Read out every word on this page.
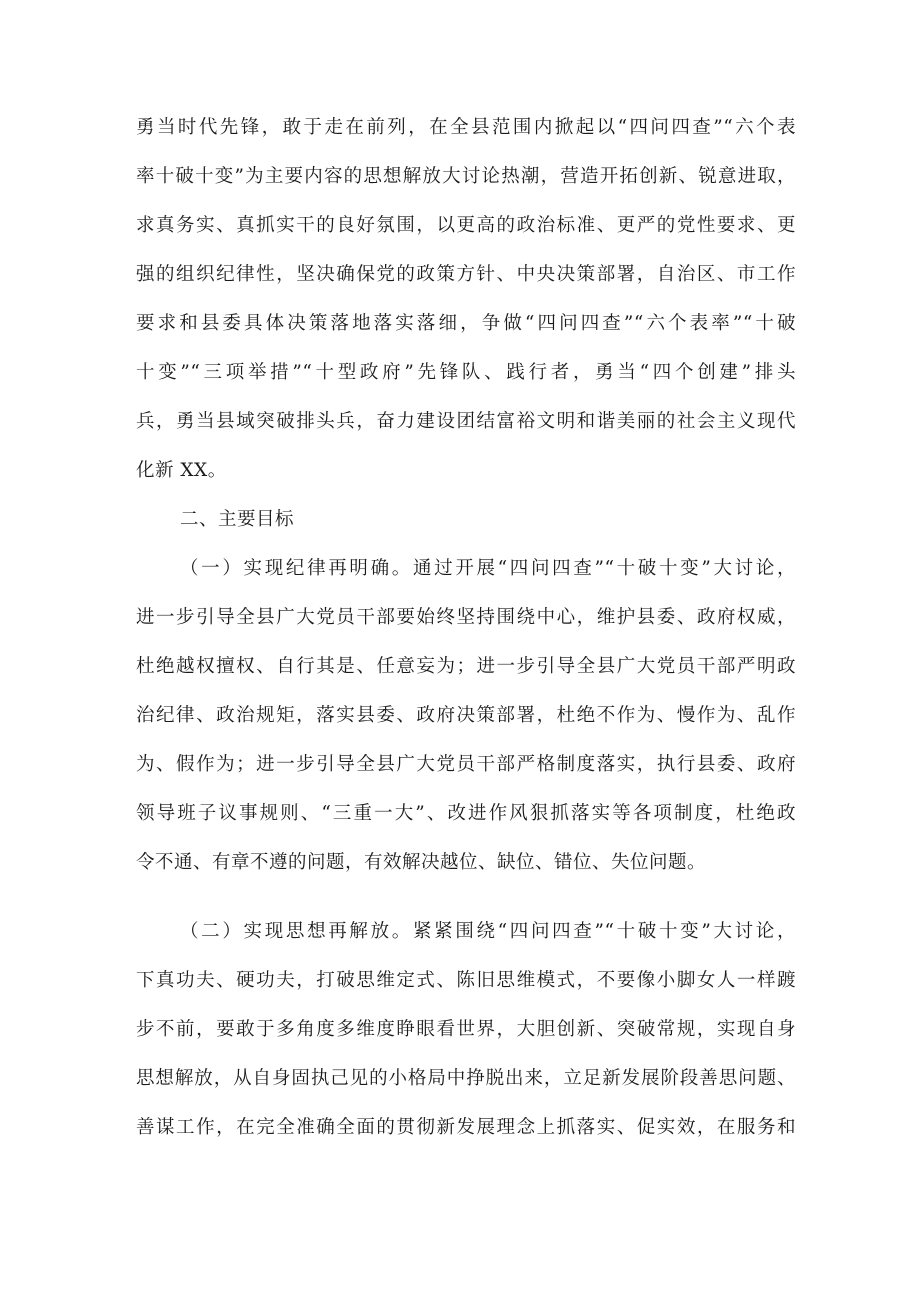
勇当时代先锋，敢于走在前列，在全县范围内掀起以“四问四查”“六个表
率十破十变”为主要内容的思想解放大讨论热潮，营造开拓创新、锐意进取，
求真务实、真抓实干的良好氛围，以更高的政治标准、更严的党性要求、更
强的组织纪律性，坚决确保党的政策方针、中央决策部署，自治区、市工作
要求和县委具体决策落地落实落细，争做“四问四查”“六个表率”“十破
十变”“三项举措”“十型政府”先锋队、践行者，勇当“四个创建”排头
兵，勇当县域突破排头兵，奋力建设团结富裕文明和谐美丽的社会主义现代
化新 XX。
二、主要目标
（一）实现纪律再明确。通过开展“四问四查”“十破十变”大讨论，
进一步引导全县广大党员干部要始终坚持围绕中心，维护县委、政府权威，
杜绝越权擅权、自行其是、任意妄为；进一步引导全县广大党员干部严明政
治纪律、政治规矩，落实县委、政府决策部署，杜绝不作为、慢作为、乱作
为、假作为；进一步引导全县广大党员干部严格制度落实，执行县委、政府
领导班子议事规则、“三重一大”、改进作风狠抓落实等各项制度，杜绝政
令不通、有章不遵的问题，有效解决越位、缺位、错位、失位问题。
（二）实现思想再解放。紧紧围绕“四问四查”“十破十变”大讨论，
下真功夫、硬功夫，打破思维定式、陈旧思维模式，不要像小脚女人一样踱
步不前，要敢于多角度多维度睁眼看世界，大胆创新、突破常规，实现自身
思想解放，从自身固执己见的小格局中挣脱出来，立足新发展阶段善思问题、
善谋工作，在完全准确全面的贯彻新发展理念上抓落实、促实效，在服务和
